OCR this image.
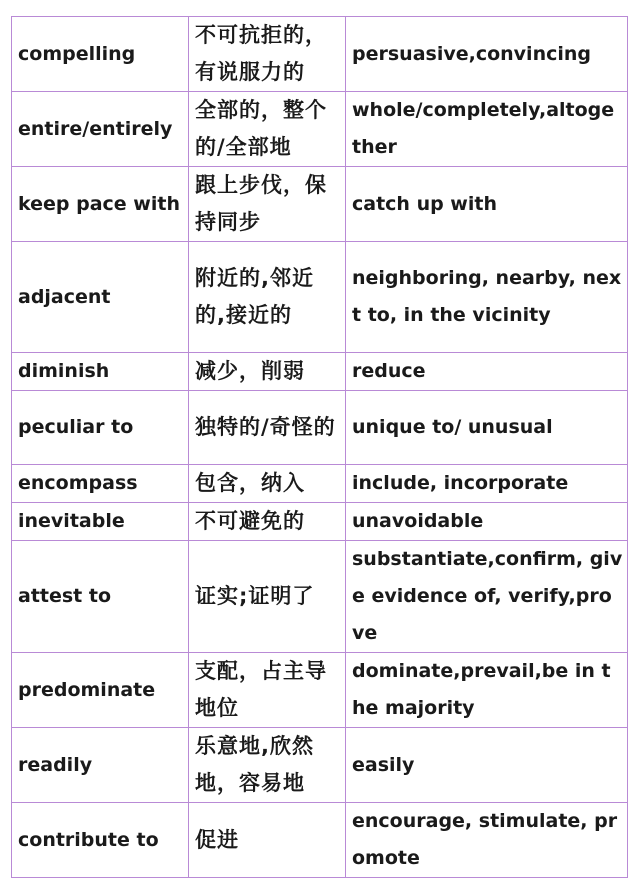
compelling	不可抗拒的，有说服力的	persuasive,convincing
entire/entirely	全部的，整个的/全部地	whole/completely,altogether
keep pace with	跟上步伐，保持同步	catch up with
adjacent	附近的,邻近的,接近的	neighboring, nearby, next to, in the vicinity
diminish	减少，削弱	reduce
peculiar to	独特的/奇怪的	unique to/ unusual
encompass	包含，纳入	include, incorporate
inevitable	不可避免的	unavoidable
attest to	证实;证明了	substantiate,confirm, give evidence of, verify,prove
predominate	支配，占主导地位	dominate,prevail,be in the majority
readily	乐意地,欣然地，容易地	easily
contribute to	促进	encourage, stimulate, promote
